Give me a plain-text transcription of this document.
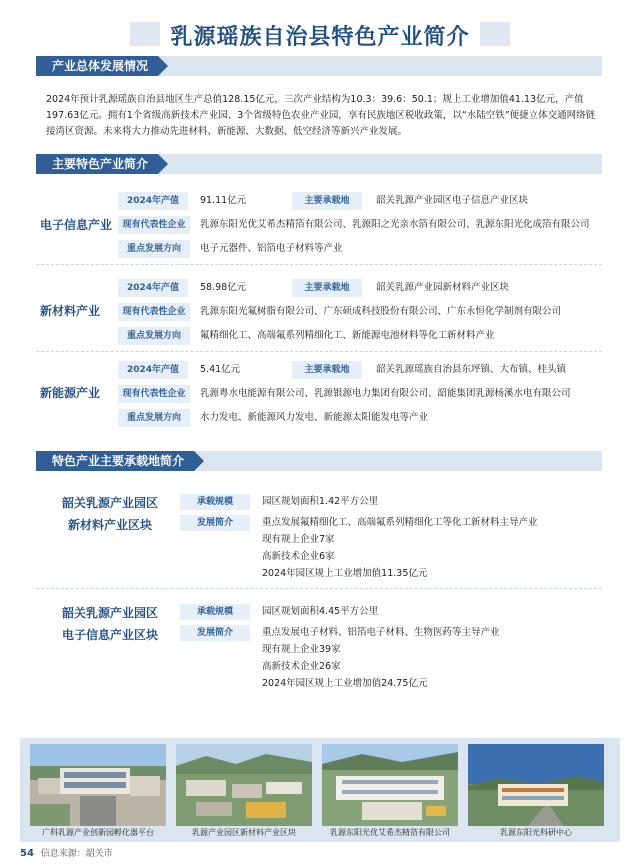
乳源瑶族自治县特色产业简介
产业总体发展情况
2024年预计乳源瑶族自治县地区生产总值128.15亿元，三次产业结构为10.3：39.6：50.1；规上工业增加值41.13亿元，产值197.63亿元。拥有1个省级高新技术产业园、3个省级特色农业产业园，享有民族地区税收政策，以“水陆空铁”便捷立体交通网络链接湾区资源。未来将大力推动先进材料、新能源、大数据、低空经济等新兴产业发展。
主要特色产业简介
电子信息产业
2024年产值	91.11亿元	主要承载地	韶关乳源产业园区电子信息产业区块
现有代表性企业	乳源东阳光优艾希杰精箔有限公司、乳源阳之光亲水箔有限公司、乳源东阳光化成箔有限公司
重点发展方向	电子元器件、铝箔电子材料等产业
新材料产业
2024年产值	58.98亿元	主要承载地	韶关乳源产业园新材料产业区块
现有代表性企业	乳源东阳光氟树脂有限公司、广东硕成科技股份有限公司、广东永恒化学制剂有限公司
重点发展方向	氟精细化工、高端氟系列精细化工、新能源电池材料等化工新材料产业
新能源产业
2024年产值	5.41亿元	主要承载地	韶关乳源瑶族自治县东坪镇、大布镇、桂头镇
现有代表性企业	乳源粤水电能源有限公司、乳源银源电力集团有限公司、韶能集团乳源杨溪水电有限公司
重点发展方向	水力发电、新能源风力发电、新能源太阳能发电等产业
特色产业主要承载地简介
韶关乳源产业园区
新材料产业区块
承载规模	园区规划面积1.42平方公里
发展简介	重点发展氟精细化工、高端氟系列精细化工等化工新材料主导产业
现有规上企业7家
高新技术企业6家
2024年园区规上工业增加值11.35亿元
韶关乳源产业园区
电子信息产业区块
承载规模	园区规划面积4.45平方公里
发展简介	重点发展电子材料、铝箔电子材料、生物医药等主导产业
现有规上企业39家
高新技术企业26家
2024年园区规上工业增加值24.75亿元
广科乳源产业创新园孵化器平台	乳源产业园区新材料产业区块	乳源东阳光优艾希杰精箔有限公司	乳源东阳光科研中心
54 信息来源：韶关市
